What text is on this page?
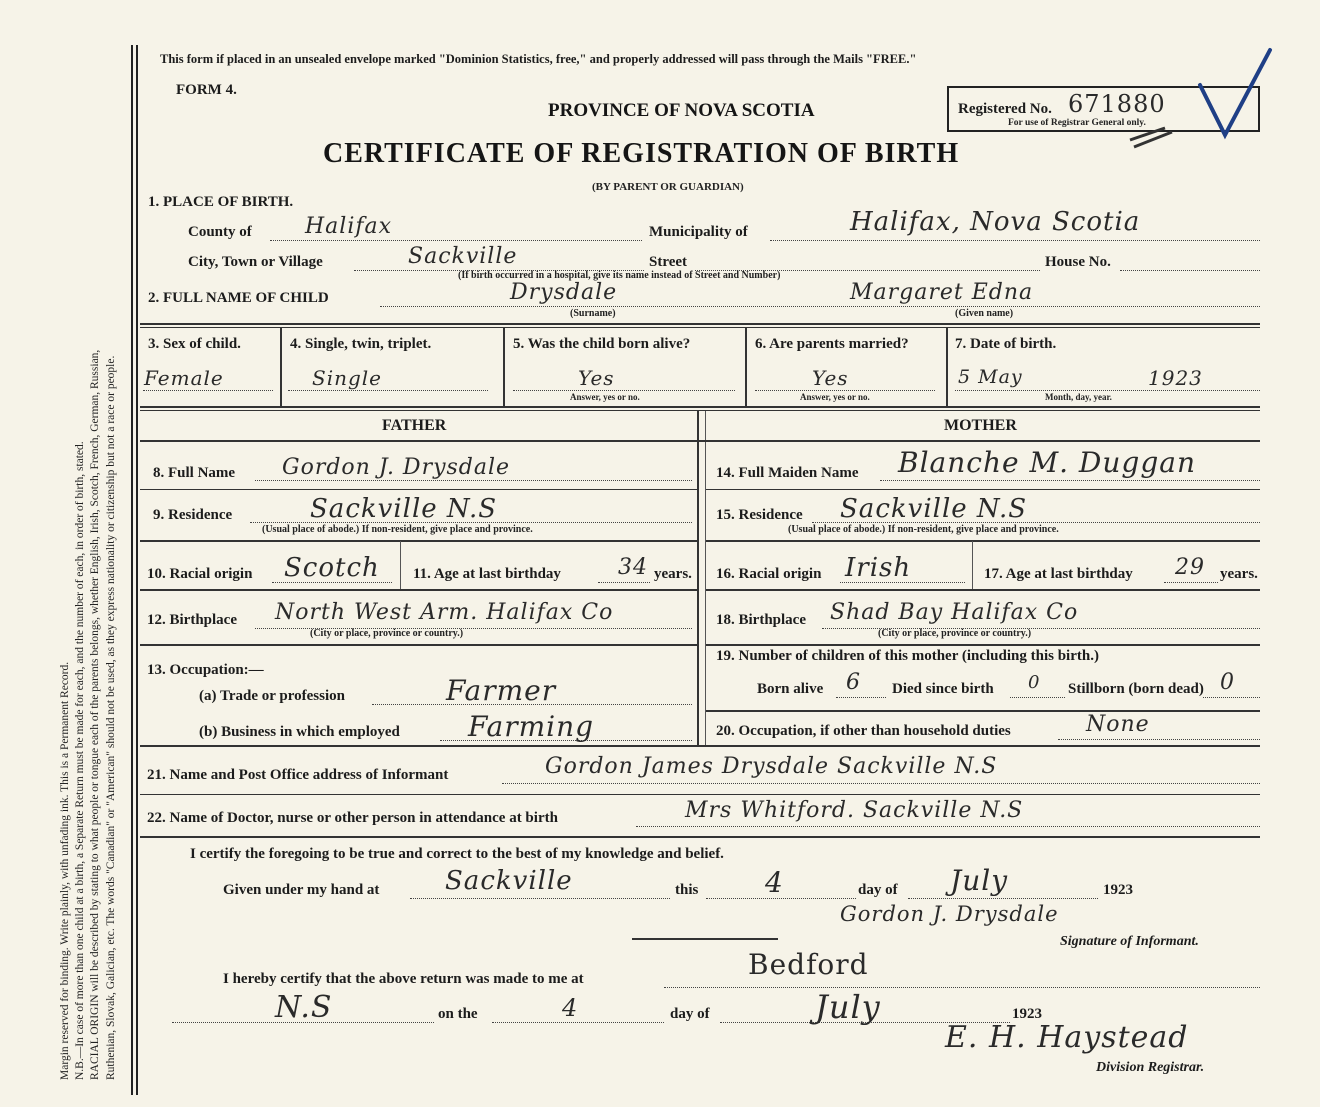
Margin reserved for binding. Write plainly, with unfading ink. This is a Permanent Record. N.B.—In case of more than one child at a birth, a Separate Return must be made for each, and the number of each, in order of birth, stated. RACIAL ORIGIN will be described by stating to what people or tongue each of the parents belongs, whether English, Irish, Scotch, French, German, Russian, Ruthenian, Slovak, Galician, etc. The words "Canadian" or "American" should not be used, as they express nationality or citizenship but not a race or people.
This form if placed in an unsealed envelope marked "Dominion Statistics, free," and properly addressed will pass through the Mails "FREE."
FORM 4.
PROVINCE OF NOVA SCOTIA
CERTIFICATE OF REGISTRATION OF BIRTH
(BY PARENT OR GUARDIAN)
Registered No. 671880
For use of Registrar General only.
1. PLACE OF BIRTH.
County of Halifax	Municipality of	Halifax, Nova Scotia
City, Town or Village	Sackville	Street	House No.
(If birth occurred in a hospital, give its name instead of Street and Number)
2. FULL NAME OF CHILD	Drysdale
(Surname)
Margaret Edna
(Given name)
3. Sex of child.
Female
4. Single, twin, triplet.
Single
5. Was the child born alive?
Yes
Answer, yes or no.
6. Are parents married?
Yes
Answer, yes or no.
7. Date of birth.
5 May	1923
Month, day, year.
FATHER	MOTHER
8. Full Name Gordon J. Drysdale
9. Residence	Sackville N.S
(Usual place of abode.) If non-resident, give place and province.
10. Racial origin Scotch 11. Age at last birthday	34 years.
12. Birthplace North West Arm. Halifax Co
(City or place, province or country.)
13. Occupation:—
(a) Trade or profession	Farmer
(b) Business in which employed Farming
14. Full Maiden Name Blanche M. Duggan
15. Residence Sackville N.S
(Usual place of abode.) If non-resident, give place and province.
16. Racial origin Irish	17. Age at last birthday 29 years.
18. Birthplace Shad Bay Halifax Co
(City or place, province or country.)
19. Number of children of this mother (including this birth.)
Born alive 6 Died since birth 0 Stillborn (born dead) 0
20. Occupation, if other than household duties	None
21. Name and Post Office address of Informant	Gordon James Drysdale Sackville N.S
22. Name of Doctor, nurse or other person in attendance at birth	Mrs Whitford. Sackville N.S
I certify the foregoing to be true and correct to the best of my knowledge and belief.
Given under my hand at	Sackville	this 4	day of July	1923
Gordon J. Drysdale
Signature of Informant.
I hereby certify that the above return was made to me at	Bedford
N.S	on the	4	day of	July	1923
E. H. Haystead
Division Registrar.
